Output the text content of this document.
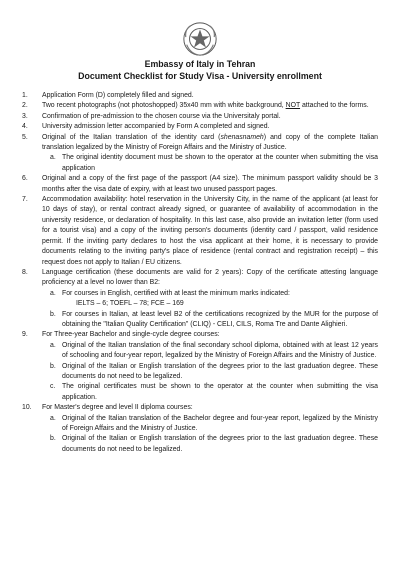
Embassy of Italy in Tehran
Document Checklist for Study Visa - University enrollment
1.	Application Form (D) completely filled and signed.
2.	Two recent photographs (not photoshopped) 35x40 mm with white background, NOT attached to the forms.
3.	Confirmation of pre-admission to the chosen course via the Universitaly portal.
4.	University admission letter accompanied by Form A completed and signed.
5.	Original of the Italian translation of the identity card (shenasnameh) and copy of the complete Italian translation legalized by the Ministry of Foreign Affairs and the Ministry of Justice.
a. The original identity document must be shown to the operator at the counter when submitting the visa application
6.	Original and a copy of the first page of the passport (A4 size). The minimum passport validity should be 3 months after the visa date of expiry, with at least two unused passport pages.
7.	Accommodation availability: hotel reservation in the University City, in the name of the applicant (at least for 10 days of stay), or rental contract already signed, or guarantee of availability of accommodation in the university residence, or declaration of hospitality. In this last case, also provide an invitation letter (form used for a tourist visa) and a copy of the inviting person's documents (identity card / passport, valid residence permit. If the inviting party declares to host the visa applicant at their home, it is necessary to provide documents relating to the inviting party's place of residence (rental contract and registration receipt) – this request does not apply to Italian / EU citizens.
8.	Language certification (these documents are valid for 2 years): Copy of the certificate attesting language proficiency at a level no lower than B2:
a. For courses in English, certified with at least the minimum marks indicated:
IELTS – 6; TOEFL – 78; FCE – 169
b. For courses in Italian, at least level B2 of the certifications recognized by the MUR for the purpose of obtaining the "Italian Quality Certification" (CLIQ) - CELI, CILS, Roma Tre and Dante Alighieri.
9.	For Three-year Bachelor and single-cycle degree courses:
a. Original of the Italian translation of the final secondary school diploma, obtained with at least 12 years of schooling and four-year report, legalized by the Ministry of Foreign Affairs and the Ministry of Justice.
b. Original of the Italian or English translation of the degrees prior to the last graduation degree. These documents do not need to be legalized.
c. The original certificates must be shown to the operator at the counter when submitting the visa application.
10.	For Master's degree and level II diploma courses:
a. Original of the Italian translation of the Bachelor degree and four-year report, legalized by the Ministry of Foreign Affairs and the Ministry of Justice.
b. Original of the Italian or English translation of the degrees prior to the last graduation degree. These documents do not need to be legalized.
